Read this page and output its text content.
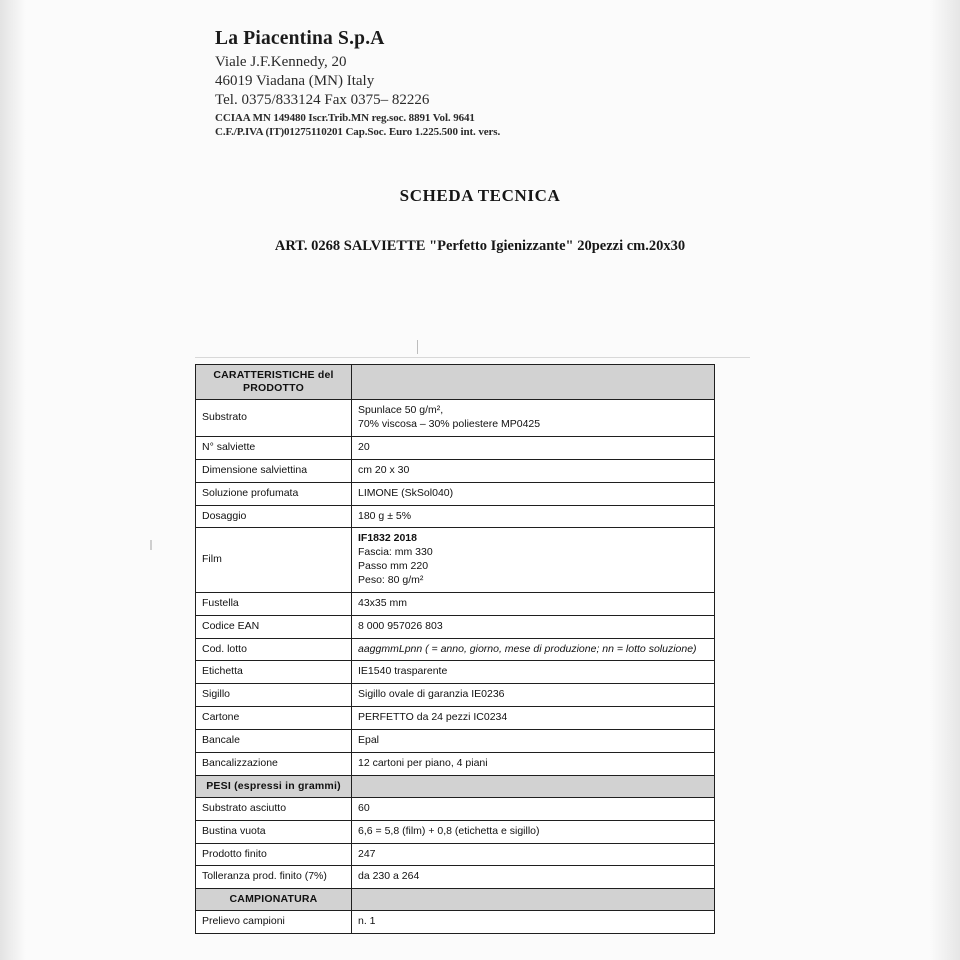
La Piacentina S.p.A
Viale J.F.Kennedy, 20
46019 Viadana (MN) Italy
Tel. 0375/833124 Fax 0375– 82226
CCIAA MN 149480 Iscr.Trib.MN reg.soc. 8891 Vol. 9641
C.F./P.IVA (IT)01275110201 Cap.Soc. Euro 1.225.500 int. vers.
SCHEDA TECNICA
ART. 0268 SALVIETTE "Perfetto Igienizzante" 20pezzi cm.20x30
CARATTERISTICHE del PRODOTTO	
Substrato	Spunlace 50 g/m²,
70% viscosa – 30% poliestere MP0425

N° salviette	20
Dimensione salviettina	cm 20 x 30
Soluzione profumata	LIMONE (SkSol040)
Dosaggio	180 g ± 5%
Film	IF1832 2018
Fascia: mm 330
Passo mm 220
Peso: 80 g/m²

Fustella	43x35 mm
Codice EAN	8 000 957026 803
Cod. lotto	aaggmmLpnn ( = anno, giorno, mese di produzione; nn = lotto soluzione)
Etichetta	IE1540 trasparente
Sigillo	Sigillo ovale di garanzia IE0236
Cartone	PERFETTO da 24 pezzi IC0234
Bancale	Epal
Bancalizzazione	12 cartoni per piano, 4 piani
PESI (espressi in grammi)	
Substrato asciutto	60
Bustina vuota	6,6 = 5,8 (film) + 0,8 (etichetta e sigillo)
Prodotto finito	247
Tolleranza prod. finito (7%)	da 230 a 264
CAMPIONATURA	
Prelievo campioni	n. 1
